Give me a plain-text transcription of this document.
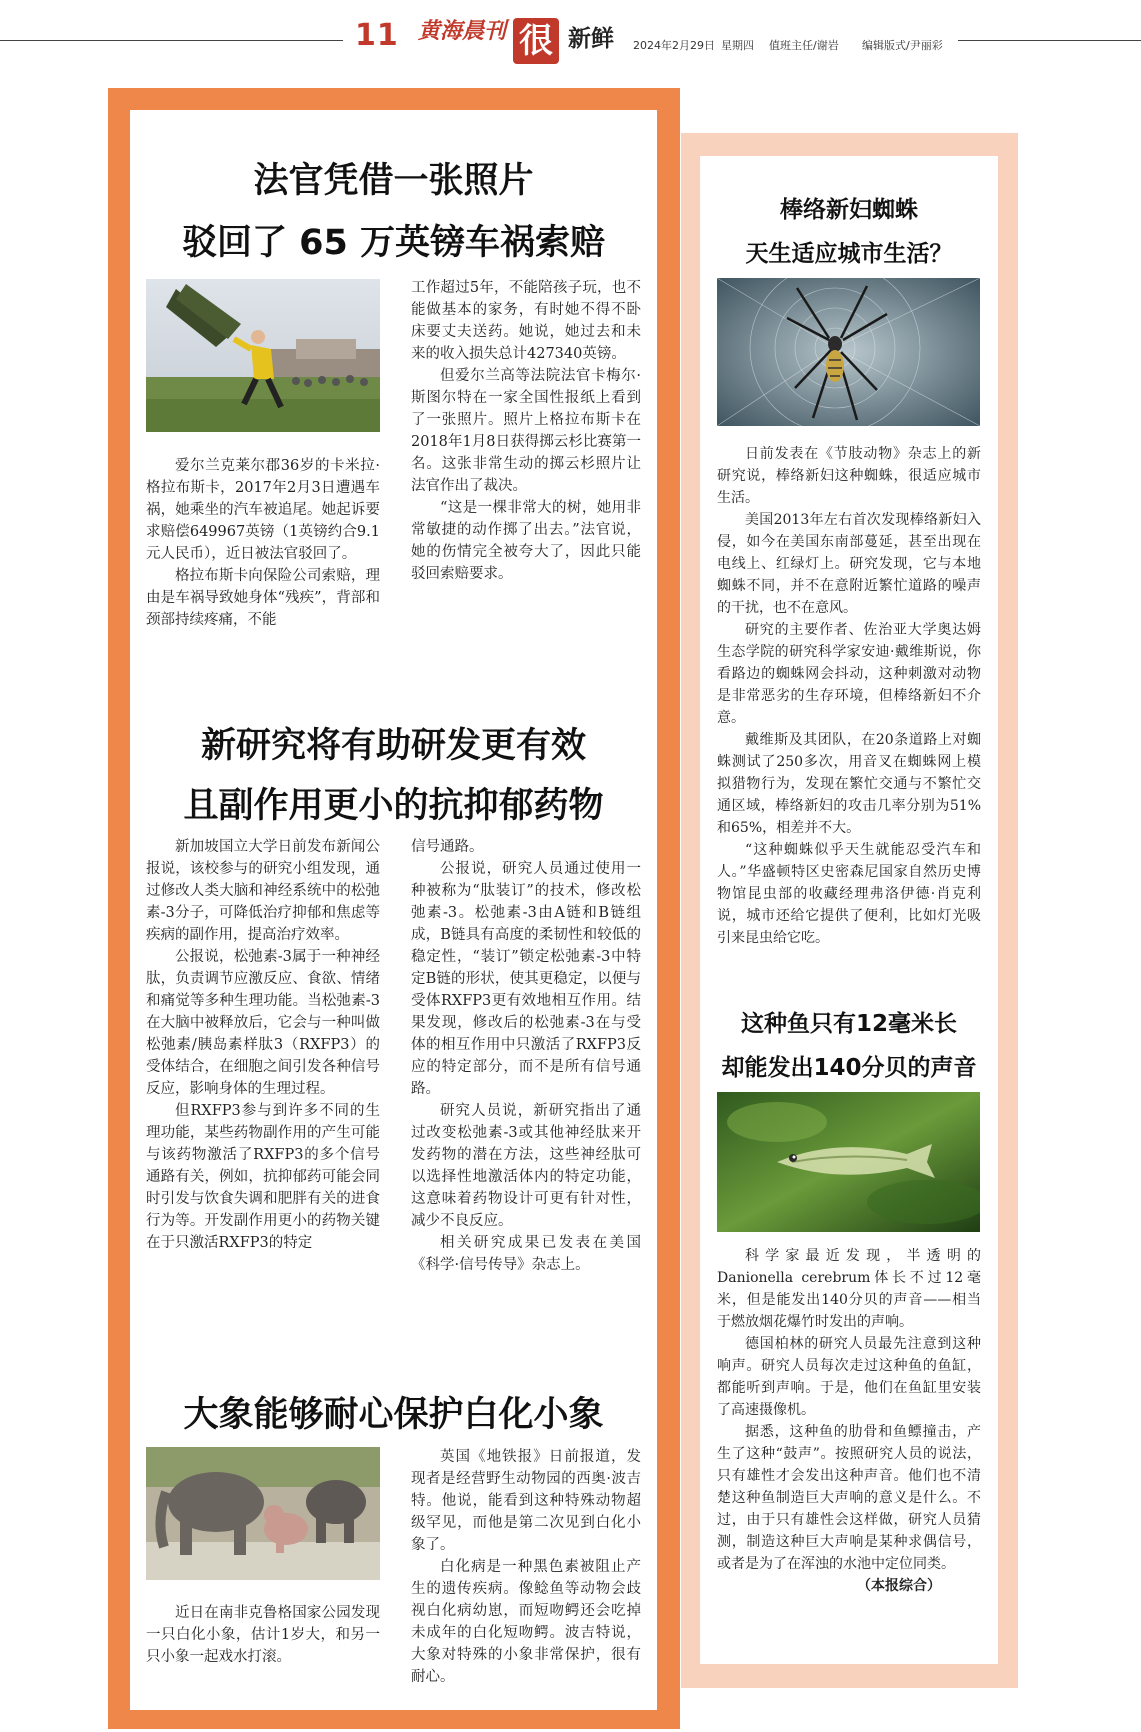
11 黄海晨刊 很 新鲜 2024年2月29日 星期四 值班主任/谢岩 编辑版式/尹丽彩
法官凭借一张照片
驳回了 65 万英镑车祸索赔

爱尔兰克莱尔郡36岁的卡米拉·格拉布斯卡，2017年2月3日遭遇车祸，她乘坐的汽车被追尾。她起诉要求赔偿649967英镑（1英镑约合9.1元人民币），近日被法官驳回了。

格拉布斯卡向保险公司索赔，理由是车祸导致她身体“残疾”，背部和颈部持续疼痛，不能

工作超过5年，不能陪孩子玩，也不能做基本的家务，有时她不得不卧床要丈夫送药。她说，她过去和未来的收入损失总计427340英镑。

但爱尔兰高等法院法官卡梅尔·斯图尔特在一家全国性报纸上看到了一张照片。照片上格拉布斯卡在2018年1月8日获得掷云杉比赛第一名。这张非常生动的掷云杉照片让法官作出了裁决。

“这是一棵非常大的树，她用非常敏捷的动作掷了出去。”法官说，她的伤情完全被夸大了，因此只能驳回索赔要求。

新研究将有助研发更有效
且副作用更小的抗抑郁药物

新加坡国立大学日前发布新闻公报说，该校参与的研究小组发现，通过修改人类大脑和神经系统中的松弛素-3分子，可降低治疗抑郁和焦虑等疾病的副作用，提高治疗效率。

公报说，松弛素-3属于一种神经肽，负责调节应激反应、食欲、情绪和痛觉等多种生理功能。当松弛素-3在大脑中被释放后，它会与一种叫做松弛素/胰岛素样肽3（RXFP3）的受体结合，在细胞之间引发各种信号反应，影响身体的生理过程。

但RXFP3参与到许多不同的生理功能，某些药物副作用的产生可能与该药物激活了RXFP3的多个信号通路有关，例如，抗抑郁药可能会同时引发与饮食失调和肥胖有关的进食行为等。开发副作用更小的药物关键在于只激活RXFP3的特定

信号通路。

公报说，研究人员通过使用一种被称为“肽装订”的技术，修改松弛素-3。松弛素-3由A链和B链组成，B链具有高度的柔韧性和较低的稳定性，“装订”锁定松弛素-3中特定B链的形状，使其更稳定，以便与受体RXFP3更有效地相互作用。结果发现，修改后的松弛素-3在与受体的相互作用中只激活了RXFP3反应的特定部分，而不是所有信号通路。

研究人员说，新研究指出了通过改变松弛素-3或其他神经肽来开发药物的潜在方法，这些神经肽可以选择性地激活体内的特定功能，这意味着药物设计可更有针对性，减少不良反应。

相关研究成果已发表在美国《科学·信号传导》杂志上。

大象能够耐心保护白化小象

近日在南非克鲁格国家公园发现一只白化小象，估计1岁大，和另一只小象一起戏水打滚。

英国《地铁报》日前报道，发现者是经营野生动物园的西奥·波吉特。他说，能看到这种特殊动物超级罕见，而他是第二次见到白化小象了。

白化病是一种黑色素被阻止产生的遗传疾病。像鲶鱼等动物会歧视白化病幼崽，而短吻鳄还会吃掉未成年的白化短吻鳄。波吉特说，大象对特殊的小象非常保护，很有耐心。

棒络新妇蜘蛛
天生适应城市生活？

日前发表在《节肢动物》杂志上的新研究说，棒络新妇这种蜘蛛，很适应城市生活。

美国2013年左右首次发现棒络新妇入侵，如今在美国东南部蔓延，甚至出现在电线上、红绿灯上。研究发现，它与本地蜘蛛不同，并不在意附近繁忙道路的噪声的干扰，也不在意风。

研究的主要作者、佐治亚大学奥达姆生态学院的研究科学家安迪·戴维斯说，你看路边的蜘蛛网会抖动，这种刺激对动物是非常恶劣的生存环境，但棒络新妇不介意。

戴维斯及其团队，在20条道路上对蜘蛛测试了250多次，用音叉在蜘蛛网上模拟猎物行为，发现在繁忙交通与不繁忙交通区域，棒络新妇的攻击几率分别为51%和65%，相差并不大。

“这种蜘蛛似乎天生就能忍受汽车和人。”华盛顿特区史密森尼国家自然历史博物馆昆虫部的收藏经理弗洛伊德·肖克利说，城市还给它提供了便利，比如灯光吸引来昆虫给它吃。

这种鱼只有12毫米长
却能发出140分贝的声音

科学家最近发现，半透明的Danionella cerebrum体长不过12毫米，但是能发出140分贝的声音——相当于燃放烟花爆竹时发出的声响。

德国柏林的研究人员最先注意到这种响声。研究人员每次走过这种鱼的鱼缸，都能听到声响。于是，他们在鱼缸里安装了高速摄像机。

据悉，这种鱼的肋骨和鱼鳔撞击，产生了这种“鼓声”。按照研究人员的说法，只有雄性才会发出这种声音。他们也不清楚这种鱼制造巨大声响的意义是什么。不过，由于只有雄性会这样做，研究人员猜测，制造这种巨大声响是某种求偶信号，或者是为了在浑浊的水池中定位同类。

（本报综合）
